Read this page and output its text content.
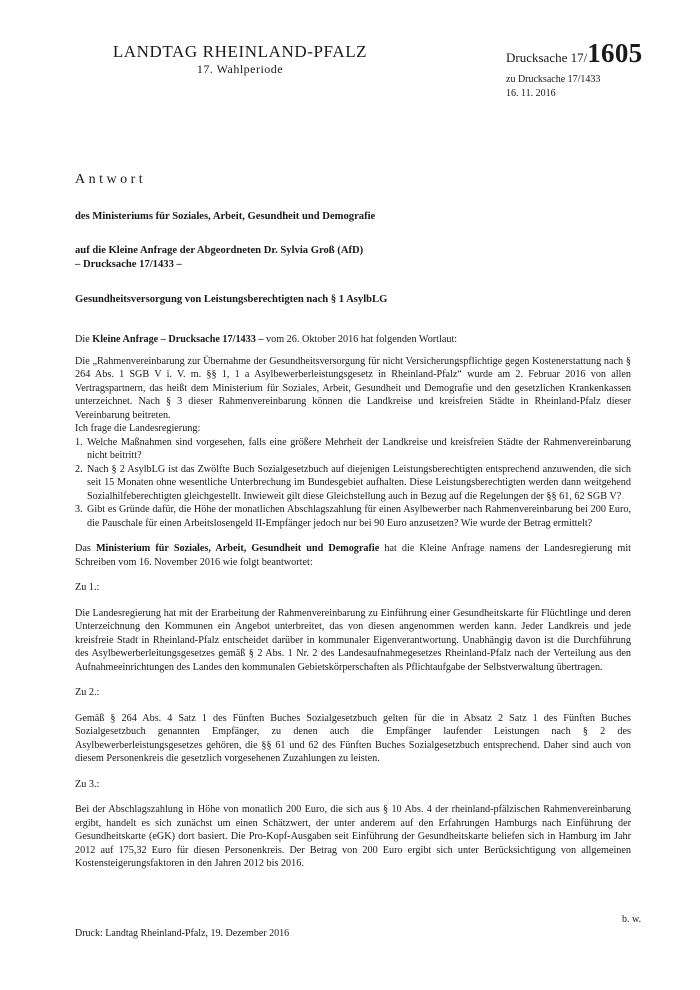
LANDTAG RHEINLAND-PFALZ
17. Wahlperiode
Drucksache 17/1605
zu Drucksache 17/1433
16. 11. 2016
Antwort
des Ministeriums für Soziales, Arbeit, Gesundheit und Demografie
auf die Kleine Anfrage der Abgeordneten Dr. Sylvia Groß (AfD)
– Drucksache 17/1433 –
Gesundheitsversorgung von Leistungsberechtigten nach § 1 AsylbLG

Die Kleine Anfrage – Drucksache 17/1433 – vom 26. Oktober 2016 hat folgenden Wortlaut:

Die „Rahmenvereinbarung zur Übernahme der Gesundheitsversorgung für nicht Versicherungspflichtige gegen Kostenerstattung nach § 264 Abs. 1 SGB V i. V. m. §§ 1, 1 a Asylbewerberleistungsgesetz in Rheinland-Pfalz“ wurde am 2. Februar 2016 von allen Vertragspartnern, das heißt dem Ministerium für Soziales, Arbeit, Gesundheit und Demografie und den gesetzlichen Krankenkassen unterzeichnet. Nach § 3 dieser Rahmenvereinbarung können die Landkreise und kreisfreien Städte in Rheinland-Pfalz dieser Vereinbarung beitreten.

Ich frage die Landesregierung:

1. Welche Maßnahmen sind vorgesehen, falls eine größere Mehrheit der Landkreise und kreisfreien Städte der Rahmenvereinbarung nicht beitritt?
2. Nach § 2 AsylbLG ist das Zwölfte Buch Sozialgesetzbuch auf diejenigen Leistungsberechtigten entsprechend anzuwenden, die sich seit 15 Monaten ohne wesentliche Unterbrechung im Bundesgebiet aufhalten. Diese Leistungsberechtigten werden dann weitgehend Sozialhilfeberechtigten gleichgestellt. Inwieweit gilt diese Gleichstellung auch in Bezug auf die Regelungen der §§ 61, 62 SGB V?
3. Gibt es Gründe dafür, die Höhe der monatlichen Abschlagszahlung für einen Asylbewerber nach Rahmenvereinbarung bei 200 Euro, die Pauschale für einen Arbeitslosengeld II-Empfänger jedoch nur bei 90 Euro anzusetzen? Wie wurde der Betrag ermittelt?

Das Ministerium für Soziales, Arbeit, Gesundheit und Demografie hat die Kleine Anfrage namens der Landesregierung mit Schreiben vom 16. November 2016 wie folgt beantwortet:

Zu 1.:

Die Landesregierung hat mit der Erarbeitung der Rahmenvereinbarung zu Einführung einer Gesundheitskarte für Flüchtlinge und deren Unterzeichnung den Kommunen ein Angebot unterbreitet, das von diesen angenommen werden kann. Jeder Landkreis und jede kreisfreie Stadt in Rheinland-Pfalz entscheidet darüber in kommunaler Eigenverantwortung. Unabhängig davon ist die Durchführung des Asylbewerberleitungsgesetzes gemäß § 2 Abs. 1 Nr. 2 des Landesaufnahmegesetzes Rheinland-Pfalz nach der Verteilung aus den Aufnahmeeinrichtungen des Landes den kommunalen Gebietskörperschaften als Pflichtaufgabe der Selbstverwaltung übertragen.

Zu 2.:

Gemäß § 264 Abs. 4 Satz 1 des Fünften Buches Sozialgesetzbuch gelten für die in Absatz 2 Satz 1 des Fünften Buches Sozialgesetzbuch genannten Empfänger, zu denen auch die Empfänger laufender Leistungen nach § 2 des Asylbewerberleistungsgesetzes gehören, die §§ 61 und 62 des Fünften Buches Sozialgesetzbuch entsprechend. Daher sind auch von diesem Personenkreis die gesetzlich vorgesehenen Zuzahlungen zu leisten.

Zu 3.:

Bei der Abschlagszahlung in Höhe von monatlich 200 Euro, die sich aus § 10 Abs. 4 der rheinland-pfälzischen Rahmenvereinbarung ergibt, handelt es sich zunächst um einen Schätzwert, der unter anderem auf den Erfahrungen Hamburgs nach Einführung der Gesundheitskarte (eGK) dort basiert. Die Pro-Kopf-Ausgaben seit Einführung der Gesundheitskarte beliefen sich in Hamburg im Jahr 2012 auf 175,32 Euro für diesen Personenkreis. Der Betrag von 200 Euro ergibt sich unter Berücksichtigung von allgemeinen Kostensteigerungsfaktoren in den Jahren 2012 bis 2016.

b. w.
Druck: Landtag Rheinland-Pfalz, 19. Dezember 2016
